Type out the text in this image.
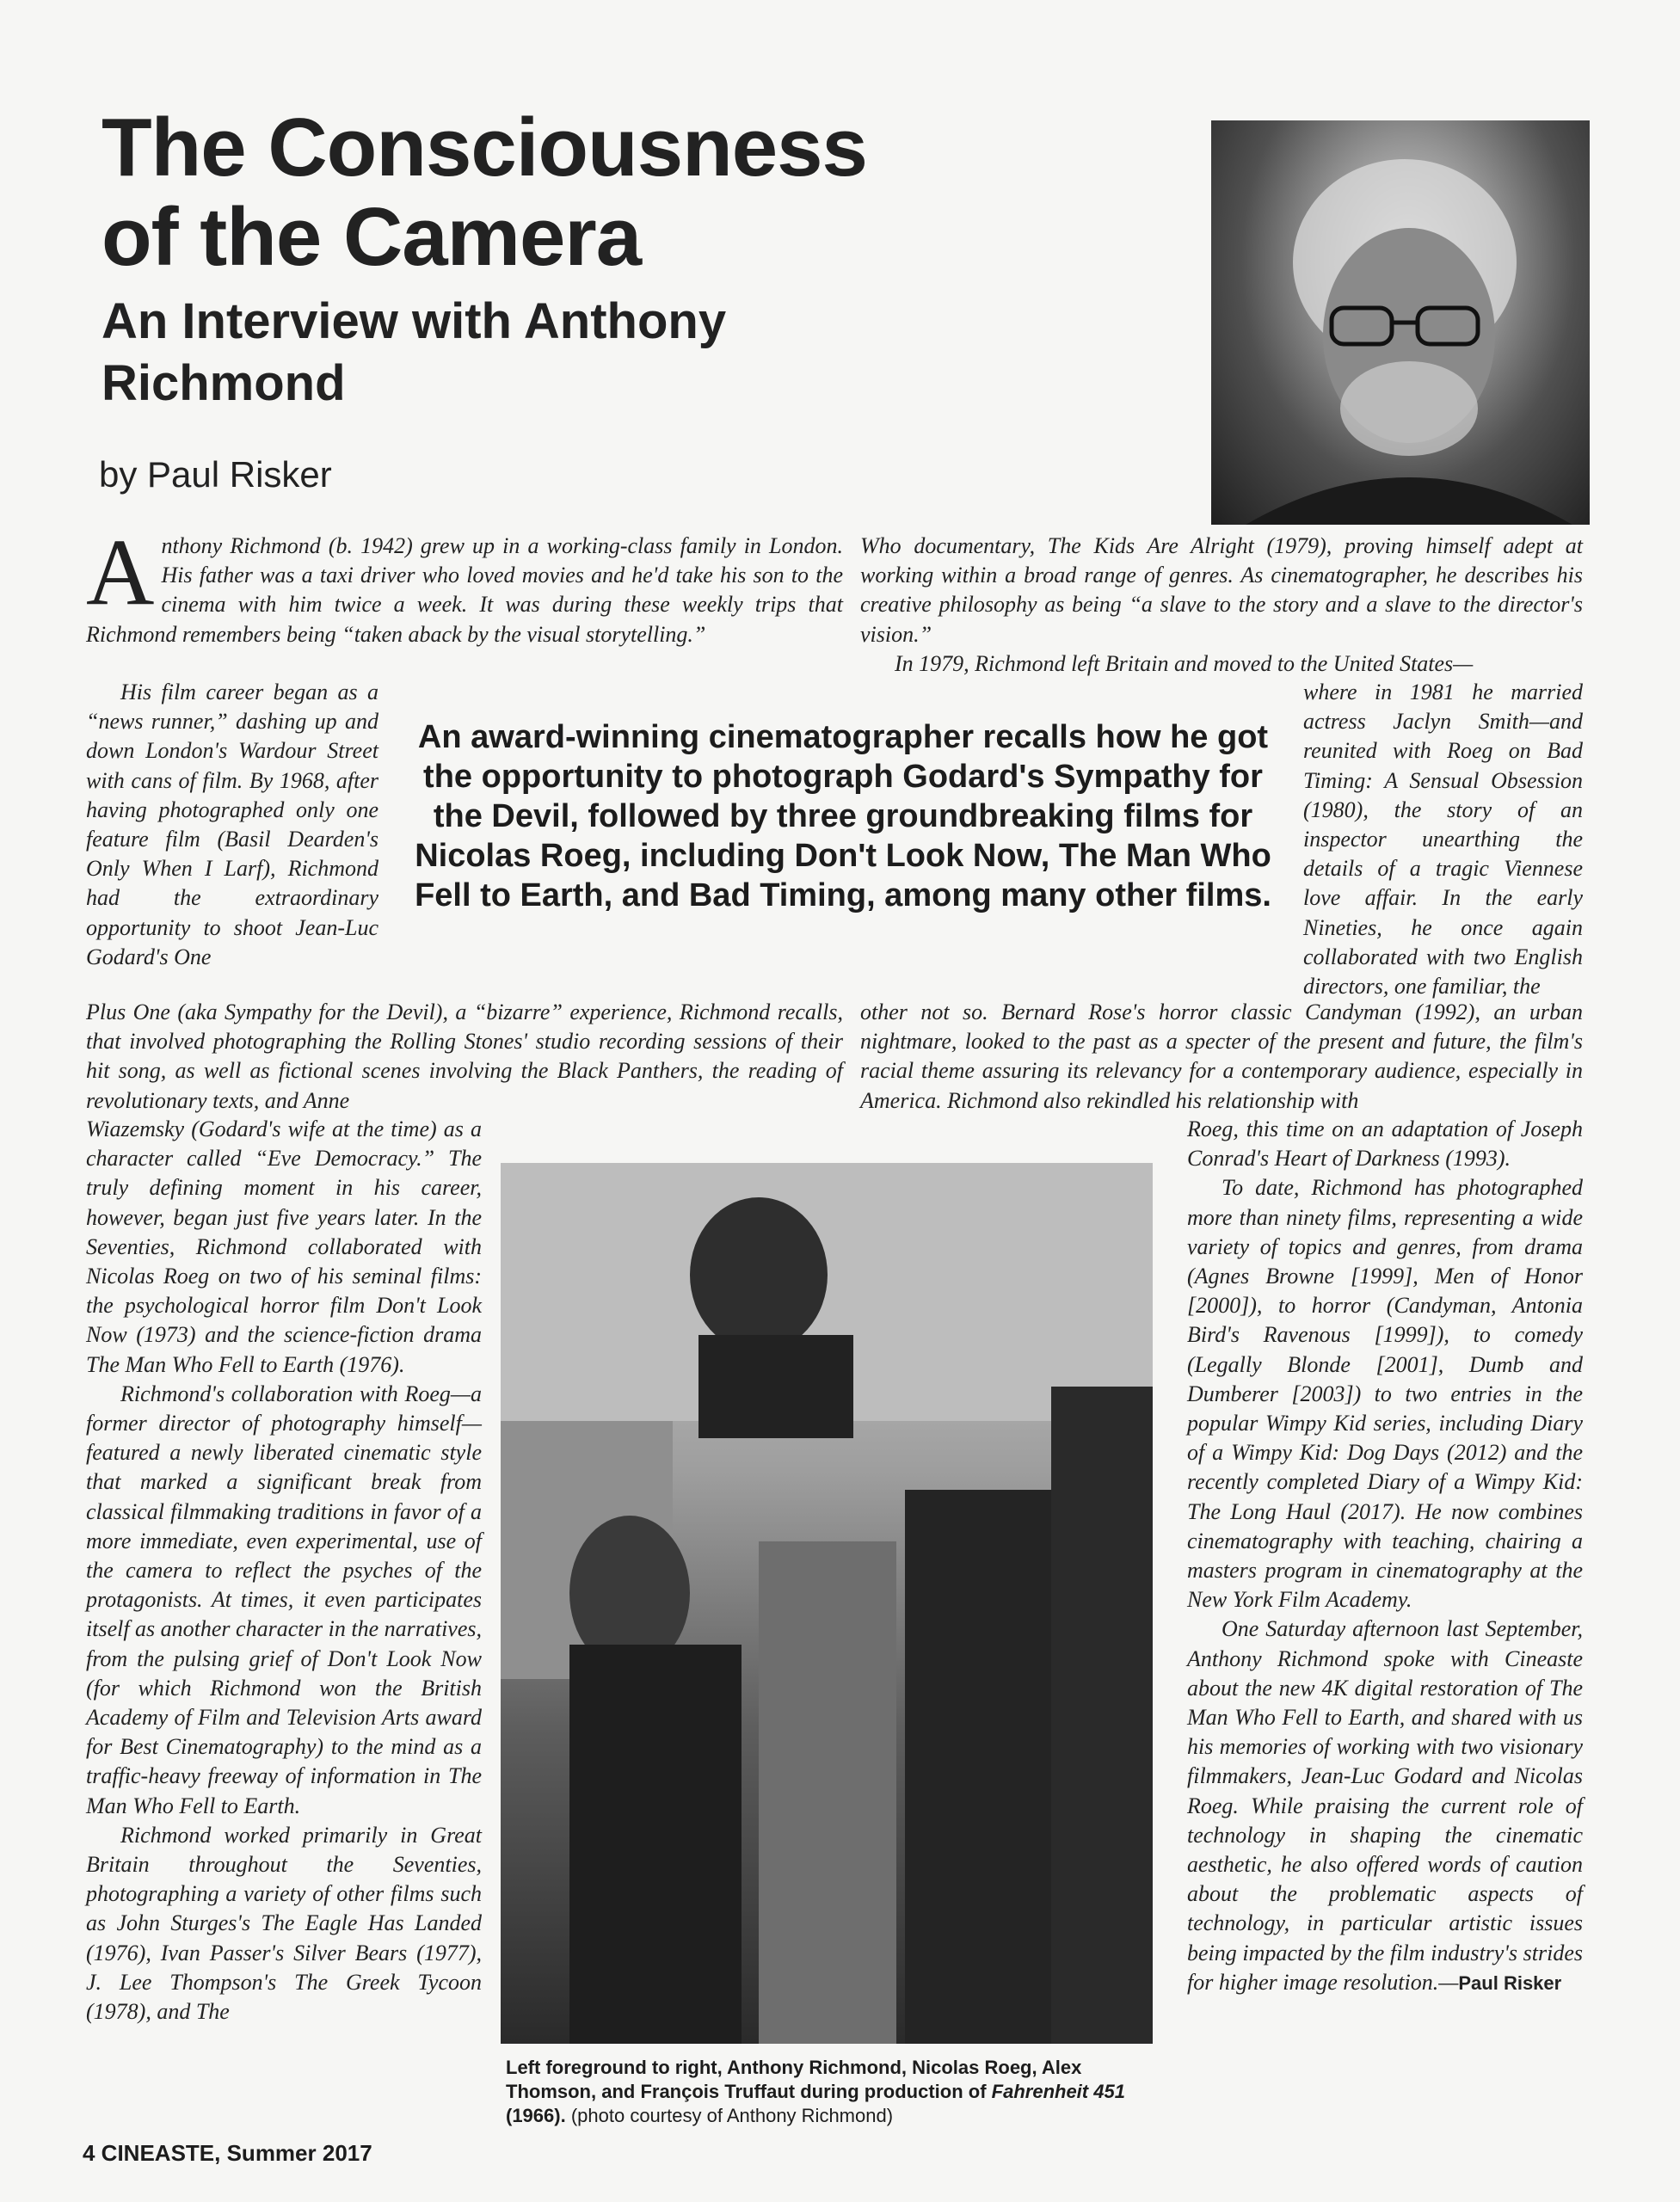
The Consciousness of the Camera
An Interview with Anthony Richmond
by Paul Risker

Anthony Richmond (b. 1942) grew up in a working-class family in London. His father was a taxi driver who loved movies and he'd take his son to the cinema with him twice a week. It was during these weekly trips that Richmond remembers being “taken aback by the visual storytelling.”

His film career began as a “news runner,” dashing up and down London's Wardour Street with cans of film. By 1968, after having photographed only one feature film (Basil Dearden's Only When I Larf), Richmond had the extraordinary opportunity to shoot Jean-Luc Godard's One

Plus One (aka Sympathy for the Devil), a “bizarre” experience, Richmond recalls, that involved photographing the Rolling Stones' studio recording sessions of their hit song, as well as fictional scenes involving the Black Panthers, the reading of revolutionary texts, and Anne

Wiazemsky (Godard's wife at the time) as a character called “Eve Democracy.” The truly defining moment in his career, however, began just five years later. In the Seventies, Richmond collaborated with Nicolas Roeg on two of his seminal films: the psychological horror film Don't Look Now (1973) and the science-fiction drama The Man Who Fell to Earth (1976).

Richmond's collaboration with Roeg—a former director of photography himself—featured a newly liberated cinematic style that marked a significant break from classical filmmaking traditions in favor of a more immediate, even experimental, use of the camera to reflect the psyches of the protagonists. At times, it even participates itself as another character in the narratives, from the pulsing grief of Don't Look Now (for which Richmond won the British Academy of Film and Television Arts award for Best Cinematography) to the mind as a traffic-heavy freeway of information in The Man Who Fell to Earth.

Richmond worked primarily in Great Britain throughout the Seventies, photographing a variety of other films such as John Sturges's The Eagle Has Landed (1976), Ivan Passer's Silver Bears (1977), J. Lee Thompson's The Greek Tycoon (1978), and The

Who documentary, The Kids Are Alright (1979), proving himself adept at working within a broad range of genres. As cinematographer, he describes his creative philosophy as being “a slave to the story and a slave to the director's vision.”

In 1979, Richmond left Britain and moved to the United States—

where in 1981 he married actress Jaclyn Smith—and reunited with Roeg on Bad Timing: A Sensual Obsession (1980), the story of an inspector unearthing the details of a tragic Viennese love affair. In the early Nineties, he once again collaborated with two English directors, one familiar, the

other not so. Bernard Rose's horror classic Candyman (1992), an urban nightmare, looked to the past as a specter of the present and future, the film's racial theme assuring its relevancy for a contemporary audience, especially in America. Richmond also rekindled his relationship with

Roeg, this time on an adaptation of Joseph Conrad's Heart of Darkness (1993).

To date, Richmond has photographed more than ninety films, representing a wide variety of topics and genres, from drama (Agnes Browne [1999], Men of Honor [2000]), to horror (Candyman, Antonia Bird's Ravenous [1999]), to comedy (Legally Blonde [2001], Dumb and Dumberer [2003]) to two entries in the popular Wimpy Kid series, including Diary of a Wimpy Kid: Dog Days (2012) and the recently completed Diary of a Wimpy Kid: The Long Haul (2017). He now combines cinematography with teaching, chairing a masters program in cinematography at the New York Film Academy.

One Saturday afternoon last September, Anthony Richmond spoke with Cineaste about the new 4K digital restoration of The Man Who Fell to Earth, and shared with us his memories of working with two visionary filmmakers, Jean-Luc Godard and Nicolas Roeg. While praising the current role of technology in shaping the cinematic aesthetic, he also offered words of caution about the problematic aspects of technology, in particular artistic issues being impacted by the film industry's strides for higher image resolution.—Paul Risker

An award-winning cinematographer recalls how he got the opportunity to photograph Godard's Sympathy for the Devil, followed by three groundbreaking films for Nicolas Roeg, including Don't Look Now, The Man Who Fell to Earth, and Bad Timing, among many other films.
Left foreground to right, Anthony Richmond, Nicolas Roeg, Alex Thomson, and François Truffaut during production of Fahrenheit 451 (1966). (photo courtesy of Anthony Richmond)
4 CINEASTE, Summer 2017
